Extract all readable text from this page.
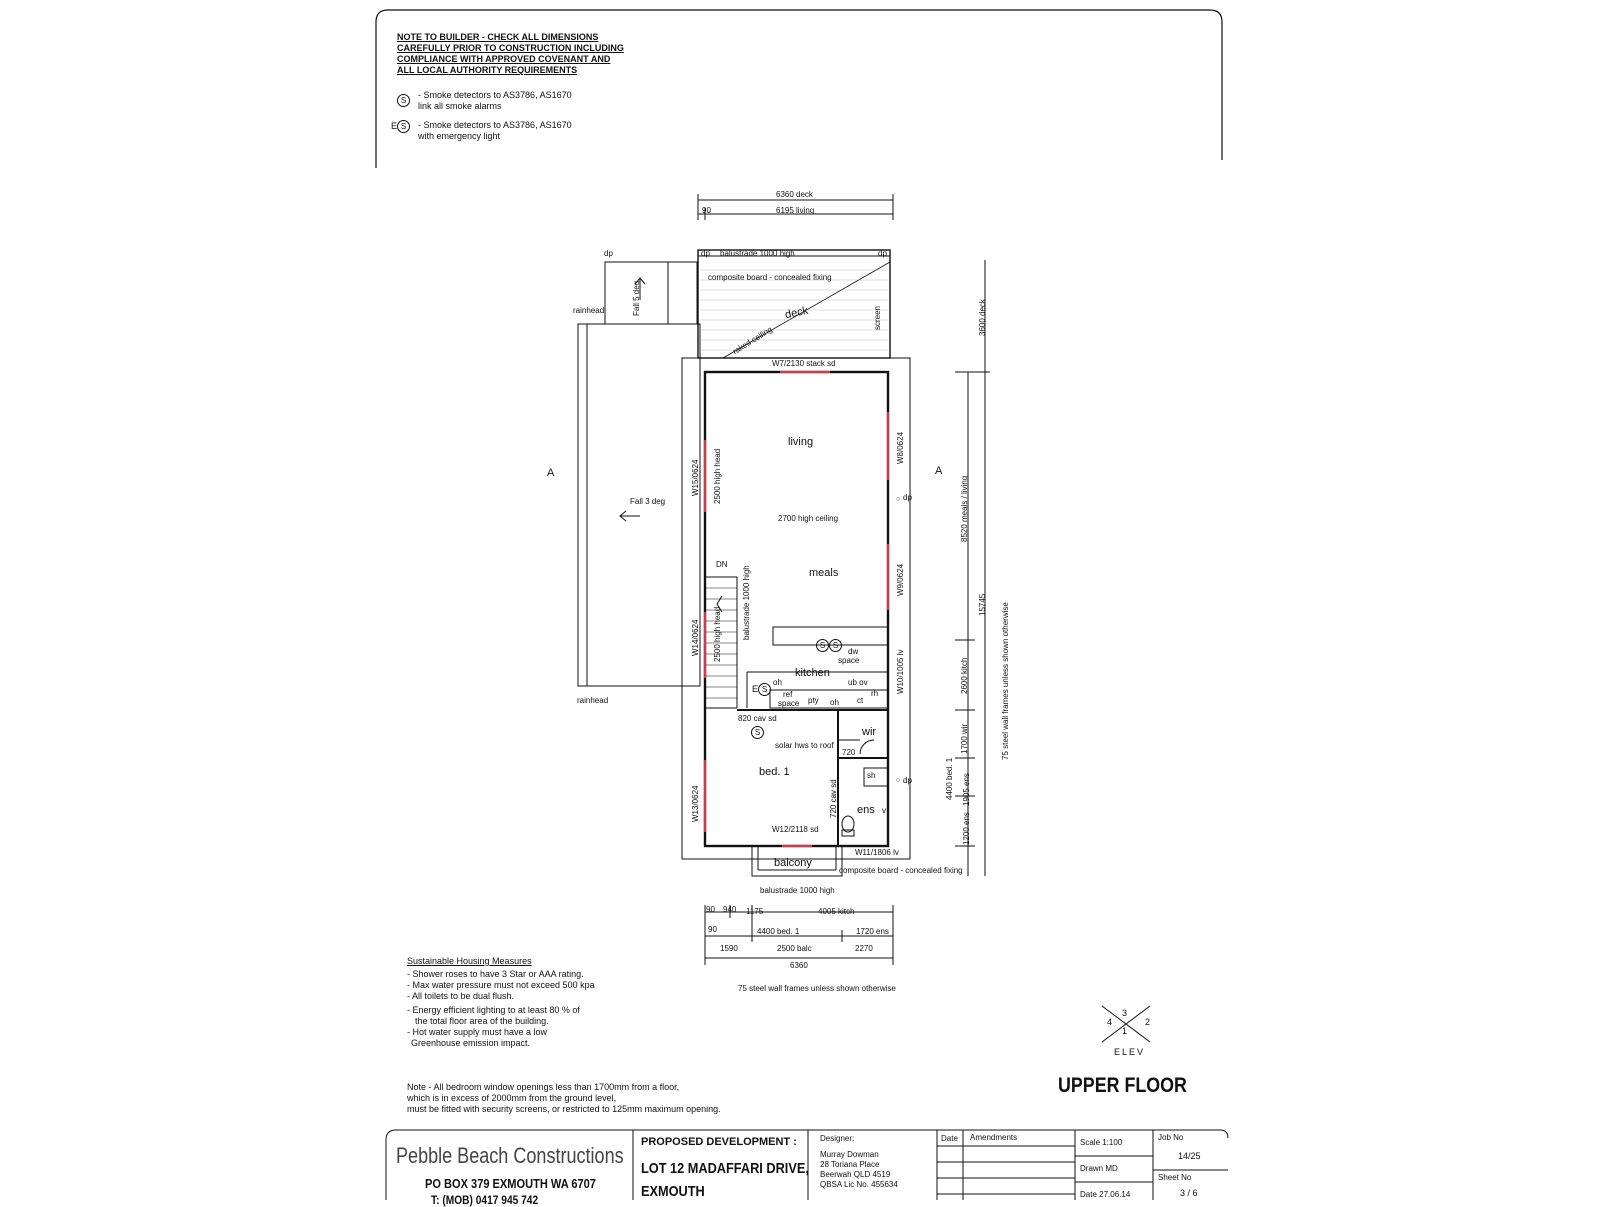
NOTE TO BUILDER - CHECK ALL DIMENSIONS
CAREFULLY PRIOR TO CONSTRUCTION INCLUDING
COMPLIANCE WITH APPROVED COVENANT AND
ALL LOCAL AUTHORITY REQUIREMENTS
S
- Smoke detectors to AS3786, AS1670
link all smoke alarms
E S	- Smoke detectors to AS3786, AS1670
with emergency light
○
○
6360 deck
90	6195 living
dp	dp balustrade 1000 high	dp
composite board - concealed fixing
deck
raked ceiling
screen
Fall 5 deg
rainhead
Fall 3 deg
rainhead
A	A
W7/2130 stack sd
living
2700 high ceiling
meals
DN
kitchen
wir
bed. 1
ens
balcony
W15/0624 2500 high head
W8/0624
W9/0624
dp
W14/0624 2500 high head	balustrade 1000 high
W10/1005 lv
W13/0624
W12/2118 sd
W11/1806 lv
dp
dw
space
oh	ub ov
rh
ref
space pty oh ct
E S
S
S S
820 cav sd
solar hws to roof
720
720 cav sd
sh
v
composite board - concealed fixing
balustrade 1000 high
3600 deck
8520 meals / living
15745
2600 kitch
1700 wir
4400 bed. 1 1905 ens
1200 ens
75 steel wall frames unless shown otherwise
90 940 1175	4005 kitch
90	4400 bed. 1	1720 ens
1590	2500 balc	2270
6360
75 steel wall frames unless shown otherwise
Sustainable Housing Measures
- Shower roses to have 3 Star or AAA rating.
- Max water pressure must not exceed 500 kpa
- All toilets to be dual flush.
- Energy efficient lighting to at least 80 % of
the total floor area of the building.
- Hot water supply must have a low
Greenhouse emission impact.
Note - All bedroom window openings less than 1700mm from a floor,
which is in excess of 2000mm from the ground level,
must be fitted with security screens, or restricted to 125mm maximum opening.
3
4	2
1
ELEV
UPPER FLOOR
Pebble Beach Constructions
PO BOX 379 EXMOUTH WA 6707
T: (MOB) 0417 945 742
PROPOSED DEVELOPMENT :
LOT 12 MADAFFARI DRIVE,
EXMOUTH
Designer:
Murray Dowman
28 Toriana Place
Beerwah QLD 4519
QBSA Lic No. 455634
Date Amendments
Scale 1:100
Drawn MD
Date 27.06.14
Job No
14/25
Sheet No
3 / 6
